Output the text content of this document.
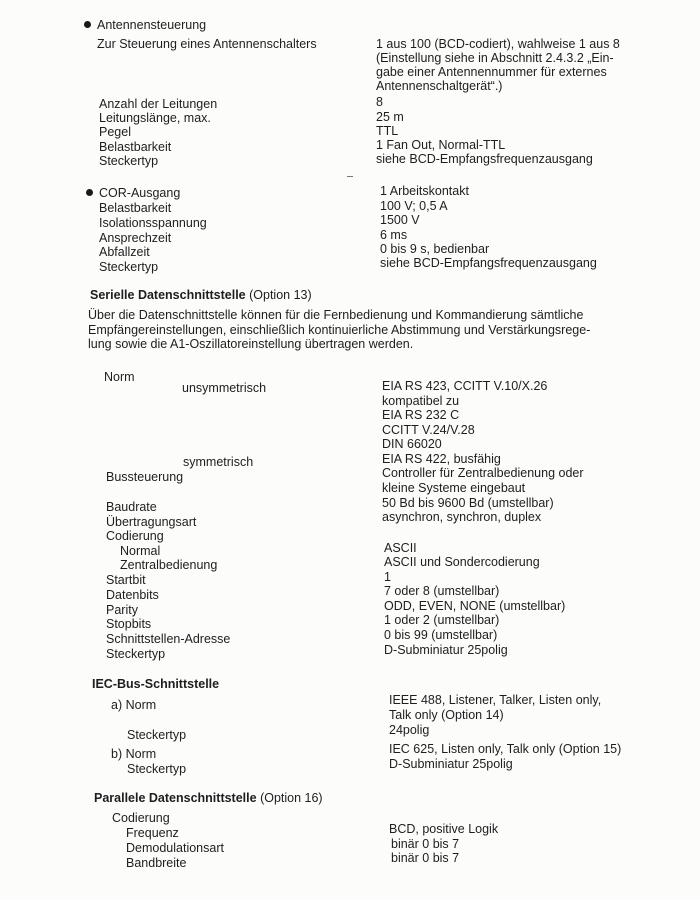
Antennensteuerung
Zur Steuerung eines Antennenschalters	1 aus 100 (BCD-codiert), wahlweise 1 aus 8
(Einstellung siehe in Abschnitt 2.4.3.2 „Ein-
gabe einer Antennennummer für externes
Antennenschaltgerät“.)
Anzahl der Leitungen	8
Leitungslänge, max.	25 m
Pegel	TTL
Belastbarkeit	1 Fan Out, Normal-TTL
Steckertyp	siehe BCD-Empfangsfrequenzausgang
COR-Ausgang	1 Arbeitskontakt
Belastbarkeit	100 V; 0,5 A
Isolationsspannung	1500 V
Ansprechzeit	6 ms
Abfallzeit	0 bis 9 s, bedienbar
Steckertyp	siehe BCD-Empfangsfrequenzausgang
Serielle Datenschnittstelle (Option 13)
Über die Datenschnittstelle können für die Fernbedienung und Kommandierung sämtliche
Empfängereinstellungen, einschließlich kontinuierliche Abstimmung und Verstärkungsrege-
lung sowie die A1-Oszillatoreinstellung übertragen werden.
Norm
unsymmetrisch	EIA RS 423, CCITT V.10/X.26
kompatibel zu
EIA RS 232 C
CCITT V.24/V.28
DIN 66020
symmetrisch	EIA RS 422, busfähig
Bussteuerung	Controller für Zentralbedienung oder
kleine Systeme eingebaut
Baudrate	50 Bd bis 9600 Bd (umstellbar)
Übertragungsart	asynchron, synchron, duplex
Codierung
Normal	ASCII
Zentralbedienung	ASCII und Sondercodierung
Startbit	1
Datenbits	7 oder 8 (umstellbar)
Parity	ODD, EVEN, NONE (umstellbar)
Stopbits	1 oder 2 (umstellbar)
Schnittstellen-Adresse	0 bis 99 (umstellbar)
Steckertyp	D-Subminiatur 25polig
IEC-Bus-Schnittstelle
a) Norm	IEEE 488, Listener, Talker, Listen only,
Talk only (Option 14)
Steckertyp	24polig
b) Norm	IEC 625, Listen only, Talk only (Option 15)
Steckertyp	D-Subminiatur 25polig
Parallele Datenschnittstelle (Option 16)
Codierung
Frequenz	BCD, positive Logik
Demodulationsart	binär 0 bis 7
Bandbreite	binär 0 bis 7
